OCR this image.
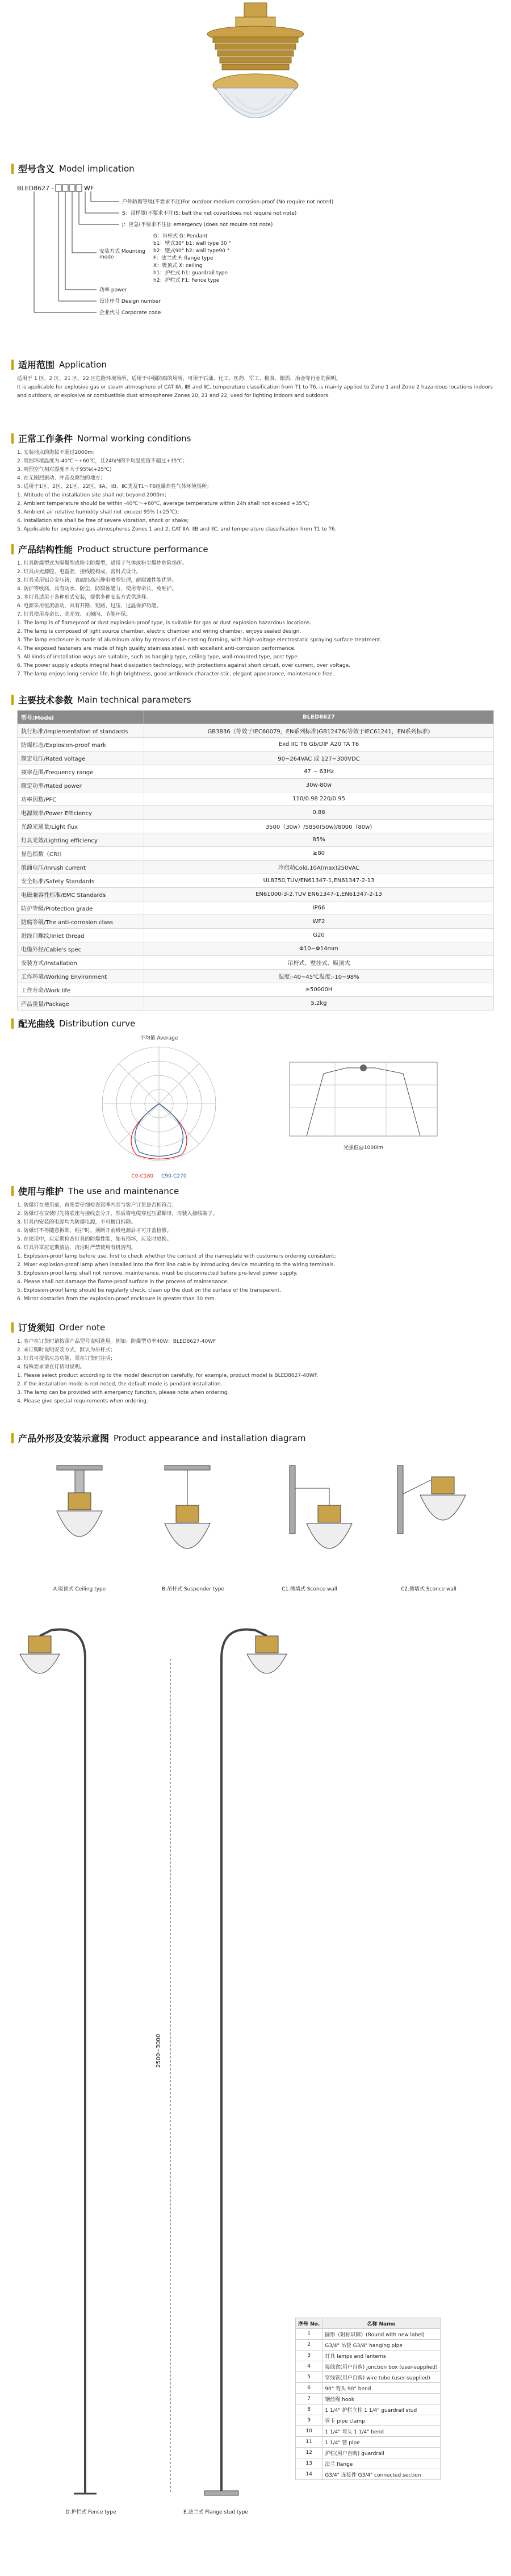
型号含义 Model implication
BLED8627 -	WF
户外防腐等级(不要求不注)For outdoor medium corrosion-proof (No require not noted)
S：带样罩(不要求不注)S: belt the net cover(does not require not note)
J：应急(不要求不注)J: emergency (does not require not note)
安装方式 Mounting mode
G：吊杆式 G: Pendant
b1：壁式30° b1: wall type 30 °
b2：壁式90° b2: wall type90 °
F：法兰式 F: flange type
X：吸顶式 X: ceiling
h1：护栏式 h1: guardrail type
h2：护栏式 F1: Fence type
功率 power
设计序号 Design number
企业代号 Corporate code
适用范围 Application

适用于 1 区、2 区、21 区、22 区危险环境场所，适用于中强防腐的场所，可用于石油、化工、医药、军工、粮食、酿酒、冶金等行业的照明。

It is applicable for explosive gas or steam atmosphere of CAT ⅡA, ⅡB and ⅡC, temperature classification from T1 to T6, is mainly applied to Zone 1 and Zone 2 hazardous locations indoors and outdoors, or explosive or combustible dust atmospheres Zones 20, 21 and 22, used for lighting indoors and outdoors.

正常工作条件 Normal working conditions

1. 安装地点的海拔不超过2000m；

2. 周围环境温度为-40℃～+60℃，且24h内的平均温度值不超过+35℃；

3. 周围空气相对湿度不大于95%(+25℃)

4. 在无剧烈振动、冲击及腐蚀的地方；

5. 适用于1区、2区、21区、22区，ⅡA、ⅡB、ⅡC类及T1～T6组爆炸性气体环境场所；

1. Altitude of the installation site shall not beyond 2000m;

2. Ambient temperature should be within -40℃～+60℃, average temperature within 24h shall not exceed +35℃;

3. Ambient air relative humidity shall not exceed 95% (+25℃);

4. Installation site shall be free of severe vibration, shock or shake;

5. Applicable for explosive gas atmospheres Zones 1 and 2, CAT ⅡA, ⅡB and ⅡC, and temperature classification from T1 to T6.

产品结构性能 Product structure performance

1. 灯具防爆型式为隔爆型或粉尘防爆型，适用于气体或粉尘爆炸危险场所。

2. 灯具由光源腔、电器腔、接线腔构成，密封式设计。

3. 灯具采用铝合金压铸，表面经高压静电喷塑处理，耐腐蚀性能优异。

4. 防护等级高，具有防水、防尘、防腐蚀能力，使用寿命长，免维护。

5. 本灯具适用于各种形式安装，提供多种安装方式供选择。

6. 电源采用恒流驱动，具有开路、短路、过压、过温保护功能。

7. 灯具使用寿命长、高光效、无频闪、节能环保。

1. The lamp is of flameproof or dust explosion-proof type, is suitable for gas or dust explosion hazardous locations.

2. The lamp is composed of light source chamber, electric chamber and wiring chamber, enjoys sealed design.

3. The lamp enclosure is made of aluminum alloy by means of die-casting forming, with high-voltage electrostatic spraying surface treatment.

4. The exposed fasteners are made of high quality stainless steel, with excellent anti-corrosion performance.

5. All kinds of installation ways are suitable, such as hanging type, ceiling type, wall-mounted type, post type.

6. The power supply adopts integral heat dissipation technology, with protections against short circuit, over current, over voltage.

7. The lamp enjoys long service life, high brightness, good antiknock characteristic, elegant appearance, maintenance free.

主要技术参数 Main technical parameters
型号/Model	BLED8627
执行标准/Implementation of standards	GB3836（等效于IEC60079，EN系列标准)GB12476(等效于IEC61241，EN系列标准)
防爆标志/Explosion-proof mark	Exd IIC T6 Gb/DIP A20 TA T6
额定电压/Rated voltage	90~264VAC 或 127~300VDC
频率范围/Frequency range	47 ~ 63Hz
额定功率/Rated power	30w-80w
功率因数/PFC	110/0.98 220/0.95
电源效率/Power Efficiency	0.88
光源光通量/Light flux	3500（30w）/5850(50w)/8000（80w)
灯具光效/Lighting efficiency	85%
显色指数（CRI）	≥80
浪涌电压/Inrush current	冷启动Cold,10A(max)250VAC
安全标准/Safety Standards	UL8750,TUV/EN61347-1,EN61347-2-13
电磁兼容性标准/EMC Standards	EN61000-3-2,TUV EN61347-1,EN61347-2-13
防护等级/Protection grade	IP66
防腐等级/The anti-corrosion class	WF2
进线口螺纹/Inlet thread	G20
电缆外径/Cable's spec	Φ10~Φ14mm
安装方式/Installation	吊杆式、壁挂式、吸顶式
工作环境/Working Environment	温度:-40~45℃温度:-10~98%
工作寿命/Work life	≥50000H
产品重量/Package	5.2kg
配光曲线 Distribution curve
平均值 Average
C0-C180 C90-C270
光强值@1000lm
使用与维护 The use and maintenance

1. 防爆灯在使用前，首先要仔细检查铭牌内容与客户订货是否相符合；

2. 防爆灯在安装时先将底座与接线盒分开，然后将电缆穿过压紧螺母，再装入接线端子。

3. 灯具内安装的电源均为防爆电源，不可擅自拆除。

4. 防爆灯不得随意拆卸，维护时，须断开前级电源后才可开盖检修。

5. 在使用中，应定期检查灯具的防爆性能，如有损坏，应及时更换。

6. 灯具外罩应定期清洁，清洁时严禁使用有机溶剂。

1. Explosion-proof lamp before use, first to check whether the content of the nameplate with customers ordering consistent;

2. Mixer explosion-proof lamp when installed into the first line cable by introducing device mounting to the wiring terminals.

3. Explosion-proof lamp shall not remove, maintenance, must be disconnected before pre-level power supply.

4. Please shall not damage the flame-proof surface in the process of maintenance.

5. Explosion-proof lamp should be regularly check, clean up the dust on the surface of the transparent.

6. Mirror obstacles from the explosion-proof enclosure is greater than 30 mm.

订货须知 Order note

1. 客户在订货时请按照产品型号说明选用。例如：防爆型功率40W：BLED8627-40WF

2. 未订购时说明安装方式，默认为吊杆式；

3. 灯具可提供应急功能，需在订货时注明；

4. 特殊要求请在订货时说明。

1. Please select product according to the model description carefully, for example, product model is BLED8627-40WF.

2. If the installation mode is not noted, the default mode is pendant installation.

3. The lamp can be provided with emergency function, please note when ordering.

4. Please give special requirements when ordering.

产品外形及安装示意图 Product appearance and installation diagram
A.吸顶式 Ceiling type	B.吊杆式 Suspender type	C1.侧墙式 Sconce wall	C2.侧墙式 Sconce wall
2500~3000
D.护栏式 Fence type	E.法兰式 Flange stud type
序号 No.	名称 Name
1	圆形（附标识牌）(Round with new label)
2	G3/4" 吊管 G3/4" hanging pipe
3	灯具 lamps and lanterns
4	接线盒(用户自购) junction box (user-supplied)
5	穿线管(用户自购) wire tube (user-supplied)
6	90° 弯头 90° bend
7	钢丝绳 hook
8	1 1/4" 护栏立柱 1 1/4" guardrail stud
9	管卡 pipe clamp
10	1 1/4" 弯头 1 1/4" bend
11	1 1/4" 管 pipe
12	护栏(用户自购) guardrail
13	法兰 flange
14	G3/4" 连接件 G3/4" connected section
